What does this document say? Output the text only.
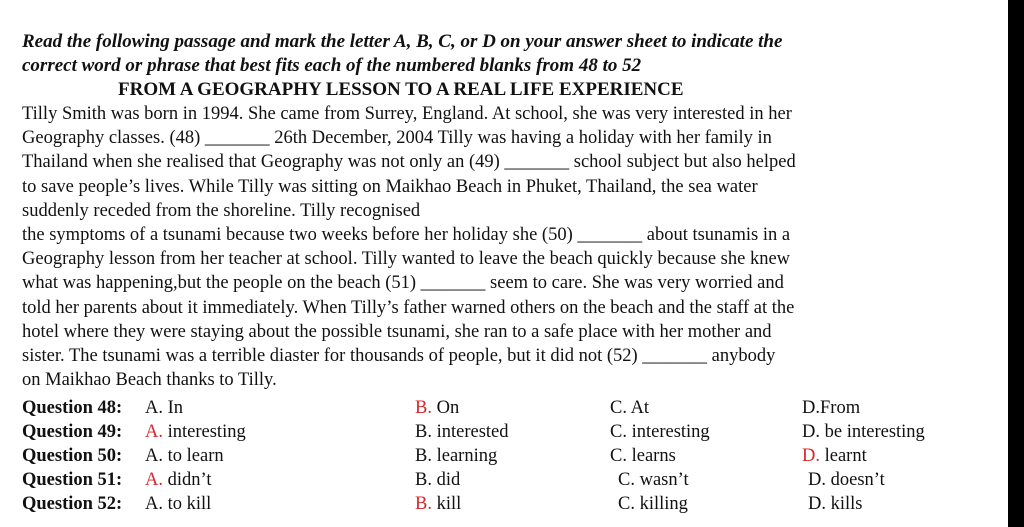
Read the following passage and mark the letter A, B, C, or D on your answer sheet to indicate the
correct word or phrase that best fits each of the numbered blanks from 48 to 52

FROM A GEOGRAPHY LESSON TO A REAL LIFE EXPERIENCE

Tilly Smith was born in 1994. She came from Surrey, England. At school, she was very interested in her
Geography classes. (48) _______ 26th December, 2004 Tilly was having a holiday with her family in
Thailand when she realised that Geography was not only an (49) _______ school subject but also helped
to save people’s lives. While Tilly was sitting on Maikhao Beach in Phuket, Thailand, the sea water
suddenly receded from the shoreline. Tilly recognised
the symptoms of a tsunami because two weeks before her holiday she (50) _______ about tsunamis in a
Geography lesson from her teacher at school. Tilly wanted to leave the beach quickly because she knew
what was happening,but the people on the beach (51) _______ seem to care. She was very worried and
told her parents about it immediately. When Tilly’s father warned others on the beach and the staff at the
hotel where they were staying about the possible tsunami, she ran to a safe place with her mother and
sister. The tsunami was a terrible diaster for thousands of people, but it did not (52) _______ anybody
on Maikhao Beach thanks to Tilly.

Question 48: A. In	B. On	C. At	D.From
Question 49: A. interesting	B. interested	C. interesting	D. be interesting
Question 50: A. to learn	B. learning	C. learns	D. learnt
Question 51: A. didn’t	B. did	C. wasn’t	D. doesn’t
Question 52: A. to kill	B. kill	C. killing	D. kills
